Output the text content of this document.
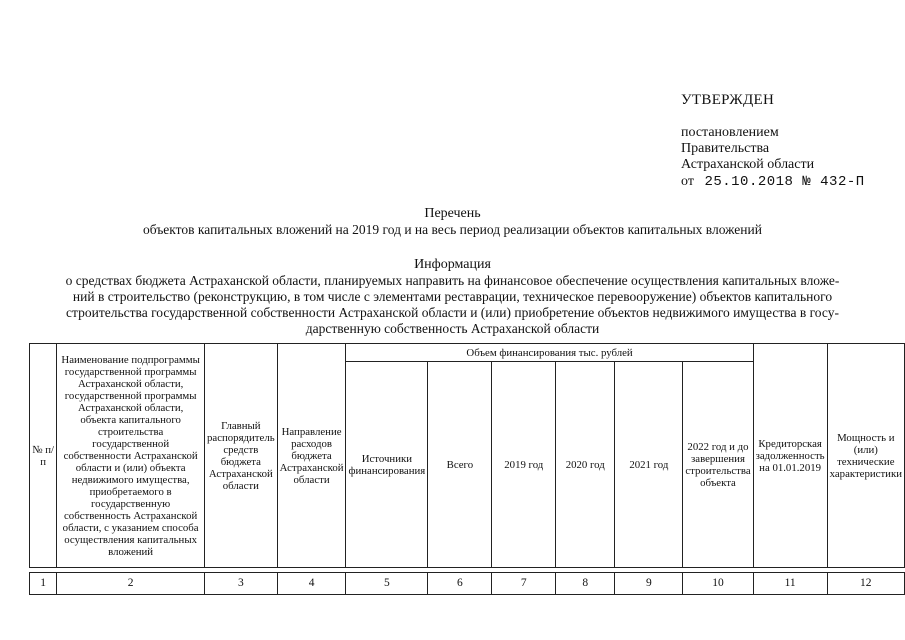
УТВЕРЖДЕН
постановлением
Правительства
Астраханской области
от 25.10.2018 № 432-П
Перечень
объектов капитальных вложений на 2019 год и на весь период реализации объектов капитальных вложений
Информация
о средствах бюджета Астраханской области, планируемых направить на финансовое обеспечение осуществления капитальных вложе-
ний в строительство (реконструкцию, в том числе с элементами реставрации, техническое перевооружение) объектов капитального
строительства государственной собственности Астраханской области и (или) приобретение объектов недвижимого имущества в госу-
дарственную собственность Астраханской области
№ п/п	Наименование подпрограммы государственной программы Астраханской области, государственной программы Астраханской области, объекта капитального строительства государственной собственности Астраханской области и (или) объекта недвижимого имущества, приобретаемого в государственную собственность Астраханской области, с указанием способа осуществления капитальных вложений	Главный распорядитель средств бюджета Астраханской области	Направление расходов бюджета Астраханской области	Объем финансирования тыс. рублей						Кредиторская задолженность на 01.01.2019	Мощность и (или) технические характеристики
				Источники финансирования	Всего	2019 год	2020 год	2021 год	2022 год и до завершения строительства объекта		

1	2	3	4	5	6	7	8	9	10	11	12
